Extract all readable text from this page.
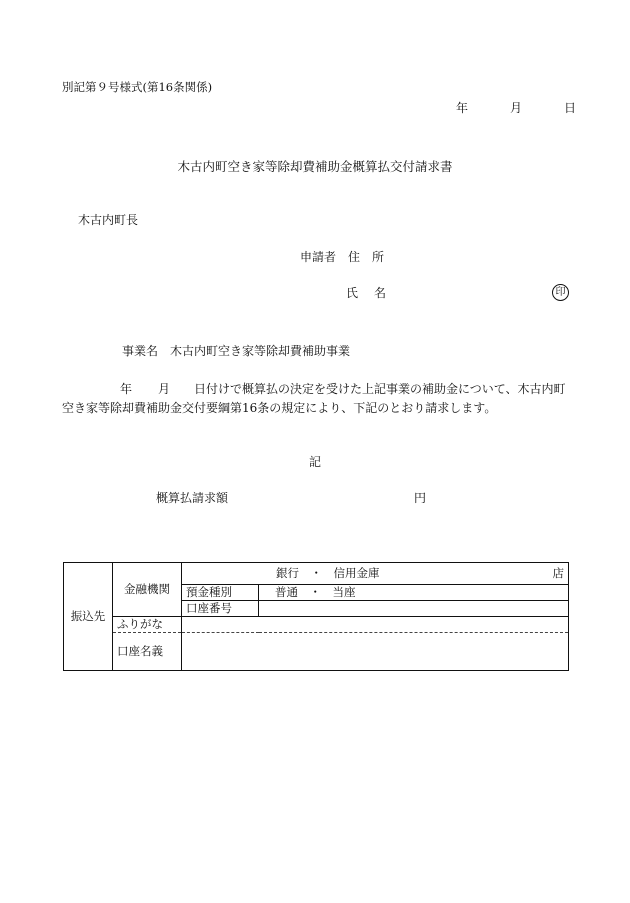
別記第９号様式(第16条関係)
年	月	日
木古内町空き家等除却費補助金概算払交付請求書
木古内町長
申請者 住 所
氏 名	印
事業名 木古内町空き家等除却費補助事業
年 月 日付けで概算払の決定を受けた上記事業の補助金について、木古内町空き家等除却費補助金交付要綱第16条の規定により、下記のとおり請求します。
記
概算払請求額	円
振込先	金融機関	銀行　・　信用金庫 店	

		預金種別	普通　・　当座
		口座番号	
	ふりがな		
	口座名義		
